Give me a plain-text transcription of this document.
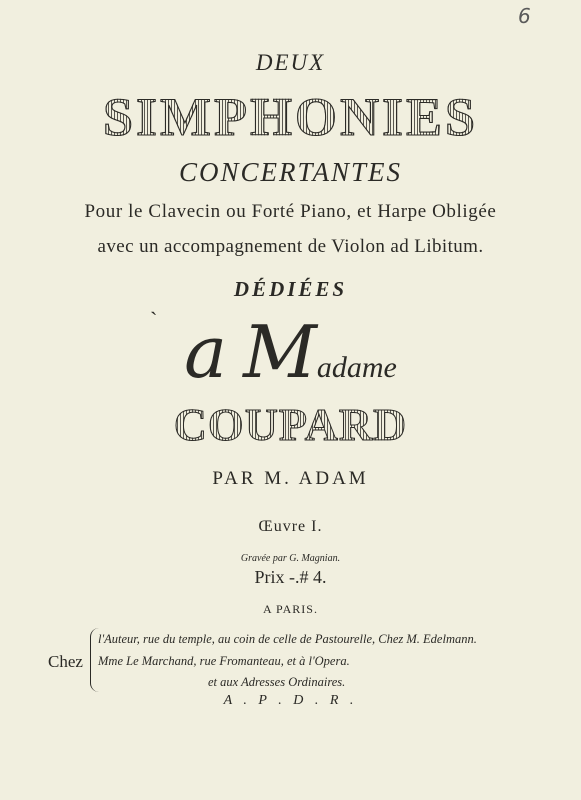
6
DEUX
SIMPHONIES
CONCERTANTES
Pour le Clavecin ou Forté Piano, et Harpe Obligée
avec un accompagnement de Violon ad Libitum.
DÉDIÉES
` a Madame
COUPARD
PAR M. ADAM
Œuvre I.
Gravée par G. Magnian.
Prix -.# 4.
A PARIS.
Chez
l'Auteur, rue du temple, au coin de celle de Pastourelle, Chez M. Edelmann.
Mme Le Marchand, rue Fromanteau, et à l'Opera.
et aux Adresses Ordinaires.
A . P . D . R .
